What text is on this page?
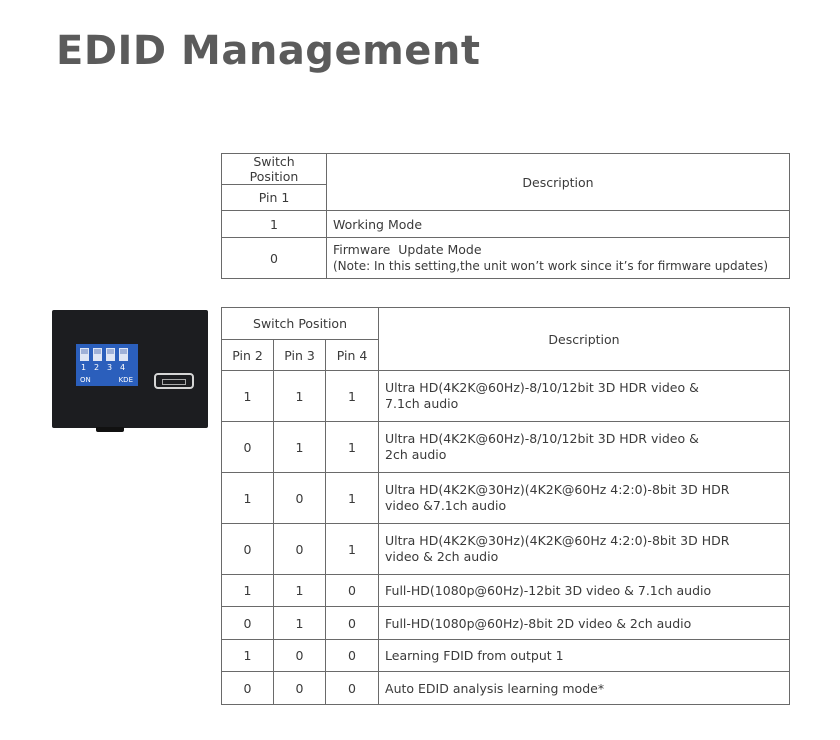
EDID Management
Switch Position	Description
Pin 1	
1	Working Mode

0	Firmware  Update Mode
(Note: In this setting,the unit won’t work since it’s for firmware updates)
1 2 3 4
ON	KDE
Switch Position			Description
Pin 2	Pin 3	Pin 4	
1	1	1	Ultra HD(4K2K@60Hz)-8/10/12bit 3D HDR video &
7.1ch audio

0	1	1	Ultra HD(4K2K@60Hz)-8/10/12bit 3D HDR video &
2ch audio

1	0	1	Ultra HD(4K2K@30Hz)(4K2K@60Hz 4:2:0)-8bit 3D HDR
video &7.1ch audio

0	0	1	Ultra HD(4K2K@30Hz)(4K2K@60Hz 4:2:0)-8bit 3D HDR
video & 2ch audio

1	1	0	Full-HD(1080p@60Hz)-12bit 3D video & 7.1ch audio

0	1	0	Full-HD(1080p@60Hz)-8bit 2D video & 2ch audio

1	0	0	Learning FDID from output 1

0	0	0	Auto EDID analysis learning mode*
